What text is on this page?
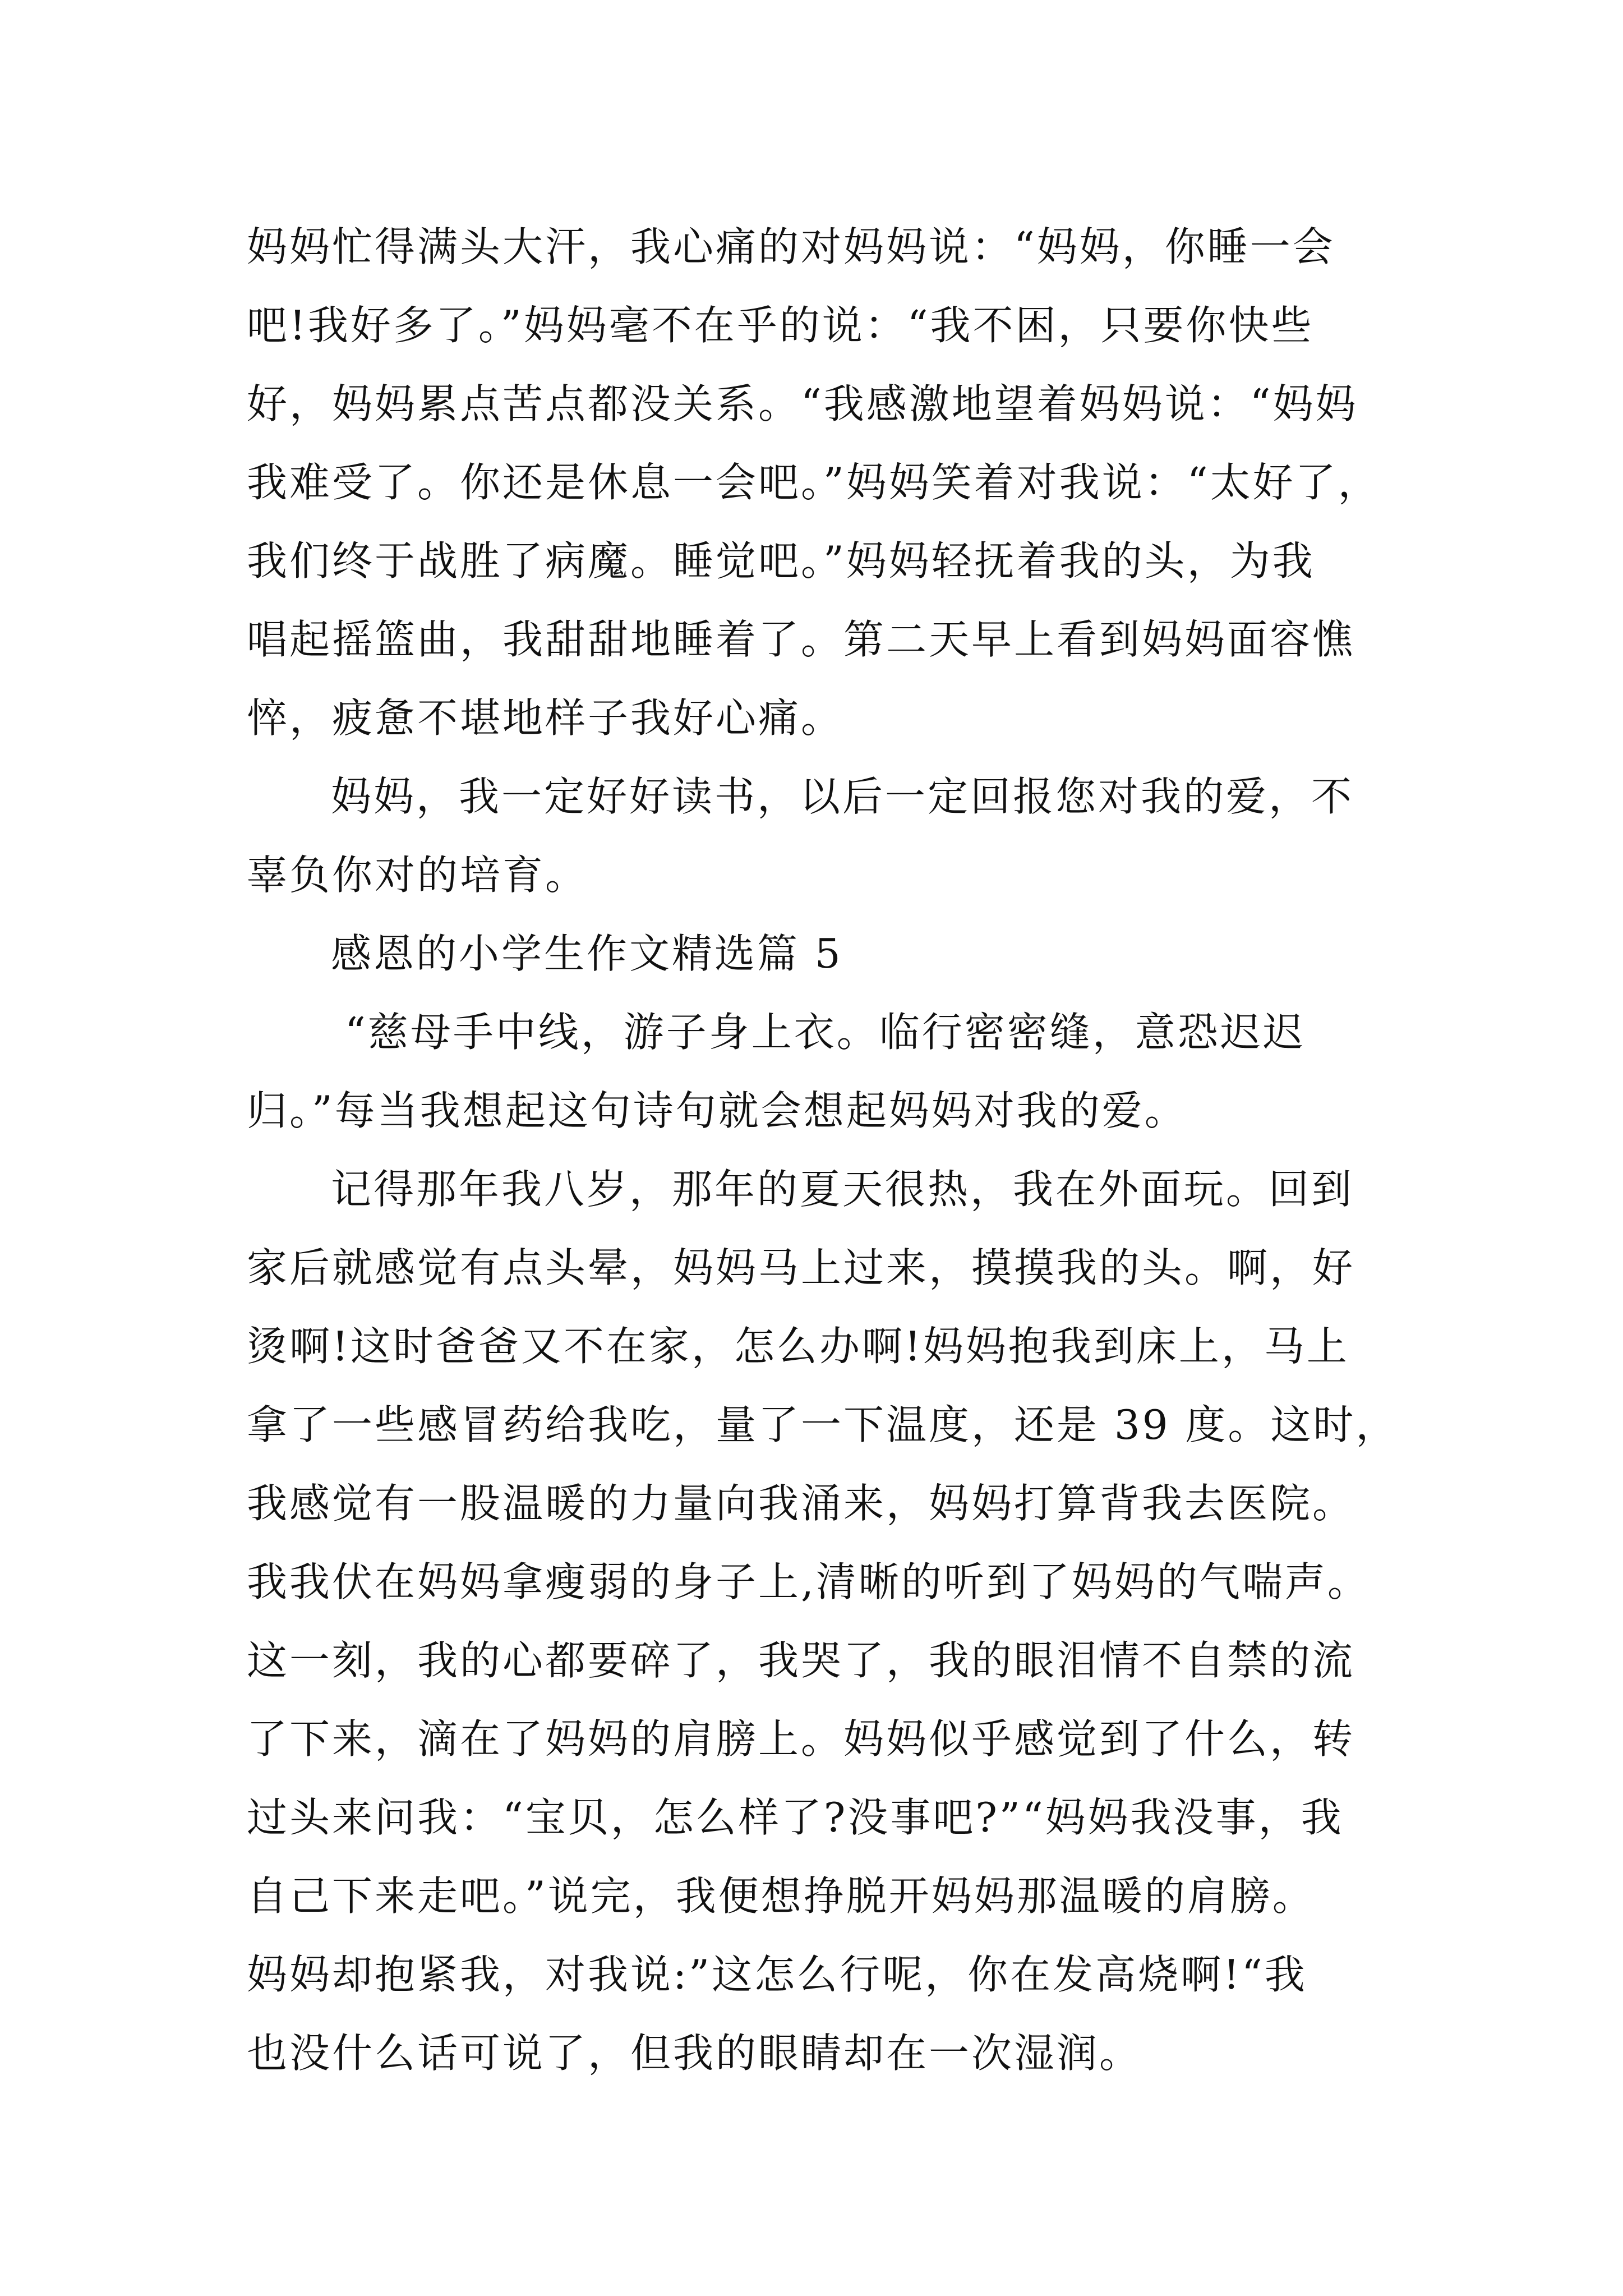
妈妈忙得满头大汗，我心痛的对妈妈说：“妈妈，你睡一会
吧!我好多了。”妈妈毫不在乎的说：“我不困，只要你快些
好，妈妈累点苦点都没关系。“我感激地望着妈妈说：“妈妈
我难受了。你还是休息一会吧。”妈妈笑着对我说：“太好了，
我们终于战胜了病魔。睡觉吧。”妈妈轻抚着我的头，为我
唱起摇篮曲，我甜甜地睡着了。第二天早上看到妈妈面容憔
悴，疲惫不堪地样子我好心痛。
妈妈，我一定好好读书，以后一定回报您对我的爱，不
辜负你对的培育。
感恩的小学生作文精选篇 5
“慈母手中线，游子身上衣。临行密密缝，意恐迟迟
归。”每当我想起这句诗句就会想起妈妈对我的爱。
记得那年我八岁，那年的夏天很热，我在外面玩。回到
家后就感觉有点头晕，妈妈马上过来，摸摸我的头。啊，好
烫啊!这时爸爸又不在家，怎么办啊!妈妈抱我到床上，马上
拿了一些感冒药给我吃，量了一下温度，还是 39 度。这时，
我感觉有一股温暖的力量向我涌来，妈妈打算背我去医院。
我我伏在妈妈拿瘦弱的身子上,清晰的听到了妈妈的气喘声。
这一刻，我的心都要碎了，我哭了，我的眼泪情不自禁的流
了下来，滴在了妈妈的肩膀上。妈妈似乎感觉到了什么，转
过头来问我：“宝贝，怎么样了?没事吧?”“妈妈我没事，我
自己下来走吧。”说完，我便想挣脱开妈妈那温暖的肩膀。
妈妈却抱紧我，对我说:”这怎么行呢，你在发高烧啊!“我
也没什么话可说了，但我的眼睛却在一次湿润。
